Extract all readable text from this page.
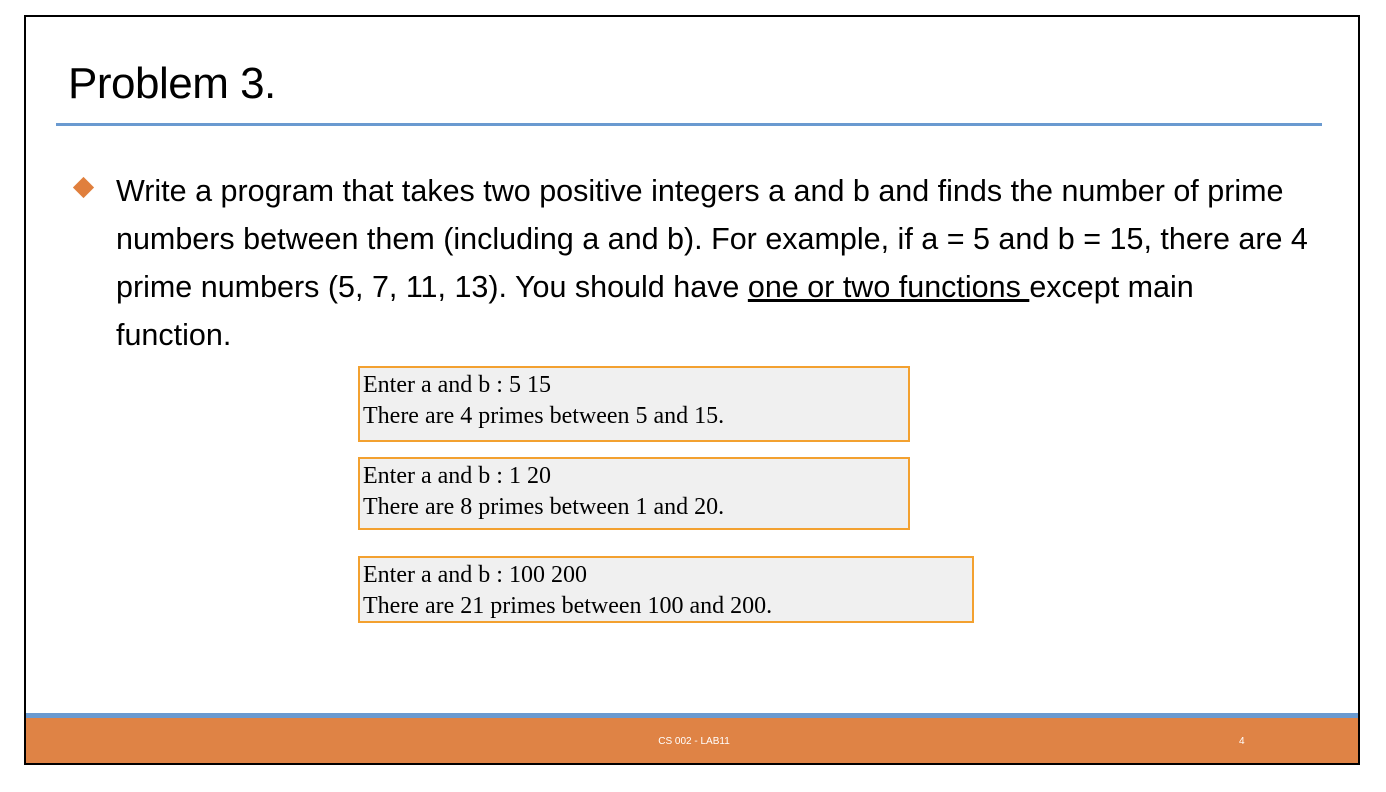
Problem 3.

Write a program that takes two positive integers a and b and finds the number of prime numbers between them (including a and b). For example, if a = 5 and b = 15, there are 4 prime numbers (5, 7, 11, 13). You should have one or two functions except main function.

Enter a and b : 5 15
There are 4 primes between 5 and 15.
Enter a and b : 1 20
There are 8 primes between 1 and 20.
Enter a and b : 100 200
There are 21 primes between 100 and 200.
CS 002 - LAB11	4
